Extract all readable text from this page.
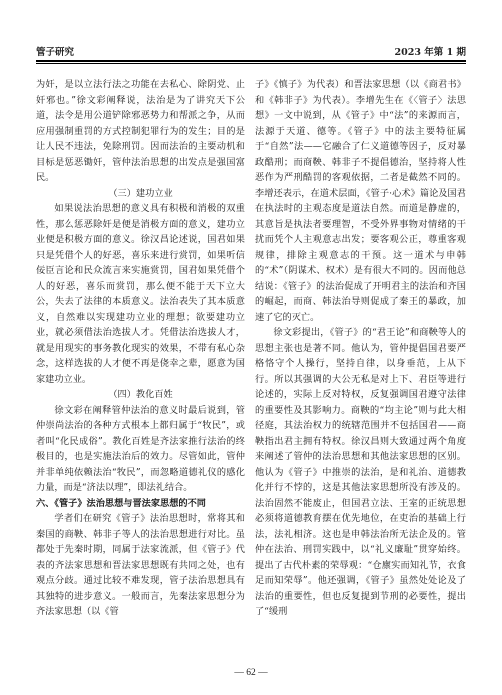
管子研究	2023 年第 1 期

为奸，是以立法行法之功能在去私心、除阴党、止奸邪也。”徐文彩阐释说，法治是为了讲究天下公道，法令是用公道铲除邪恶势力和帮派之争，从而应用强制重罚的方式控制犯罪行为的发生；目的是让人民不违法，免除刑罚。因而法治的主要动机和目标是惩恶锄奸，管仲法治思想的出发点是强国富民。

（三）建功立业

如果说法治思想的意义具有积极和消极的双重性，那么惩恶除奸是便是消极方面的意义，建功立业便是积极方面的意义。徐汉昌论述说，国君如果只是凭借个人的好恶，喜乐来进行赏罚，如果听信佞臣言论和民众流言来实施赏罚，国君如果凭借个人的好恶，喜乐而赏罚，那么便不能于天下立大公，失去了法律的本质意义。法治表失了其本质意义，自然难以实现建功立业的理想；欲要建功立业，就必须借法治选拔人才。凭借法治选拔人才，就是用现实的事务教化现实的效果，不带有私心杂念，这样选拔的人才便不再是侥幸之辈，愿意为国家建功立业。

（四）教化百姓

徐文彩在阐释管仲法治的意义时最后说到，管仲崇尚法治的各种方式根本上都归属于“牧民”，或者叫“化民成俗”。教化百姓是齐法家推行法治的终极目的，也是实施法治后的效力。尽管如此，管仲并非单纯依赖法治“牧民”，而忽略道德礼仪的感化力量，而是“济法以理”，即法礼结合。

六、《管子》法治思想与晋法家思想的不同

学者们在研究《管子》法治思想时，常将其和秦国的商鞅、韩非子等人的法治思想进行对比。虽都处于先秦时期，同属于法家流派，但《管子》代表的齐法家思想和晋法家思想既有共同之处，也有观点分歧。通过比较不难发现，管子法治思想具有其独特的进步意义。一般而言，先秦法家思想分为齐法家思想（以《管

子》《慎子》为代表）和晋法家思想（以《商君书》和《韩非子》为代表）。李增先生在《〈管子〉法思想》一文中说到，从《管子》中“法”的来源而言，法源于天道、德等。《管子》中的法主要特征属于“自然”法——它融合了仁义道德等因子，反对暴政酷刑；而商鞅、韩非子不提倡德治，坚持将人性恶作为严刑酷罚的客观依据，二者是截然不同的。李增还表示，在道术层面，《管子·心术》篇论及国君在执法时的主观态度是道法自然。而道是静虚的，其意旨是执法者要理智，不受外界事物对情绪的干扰而凭个人主观意志出发；要客观公正，尊重客观规律，排除主观意志的干预。这一道术与申韩的“术”（阴谋术、权术）是有很大不同的。因而他总结说：《管子》的法治促成了开明君主的法治和齐国的崛起，而商、韩法治导则促成了秦王的暴政，加速了它的灭亡。

徐文彩提出，《管子》的“君王论”和商鞅等人的思想主张也是著不同。他认为，管仲提倡国君要严格恪守个人操行，坚持自律，以身垂范，上从下行。所以其强调的大公无私是对上下、君臣等进行论述的，实际上反对特权，反复强调国君遵守法律的重要性及其影响力。商鞅的“均主论”则与此大相径庭，其法治权力的统辖范围并不包括国君——商鞅指出君主拥有特权。徐汉昌则大致通过两个角度来阐述了管仲的法治思想和其他法家思想的区别。他认为《管子》中推崇的法治，是和礼治、道德教化并行不悖的，这是其他法家思想所没有涉及的。法治固然不能废止，但国君立法、王室的正统思想必须将道德教育摆在优先地位，在吏治的基础上行法，法礼相济。这也是申韩法治所无法企及的。管仲在法治、刑罚实践中，以“礼义廉耻”贯穿始终。提出了古代朴素的荣辱观：“仓廪实而知礼节，衣食足而知荣辱”。他还强调，《管子》虽然处处论及了法治的重要性，但也反复提到节刑的必要性，提出了“缓刑

— 62 —
